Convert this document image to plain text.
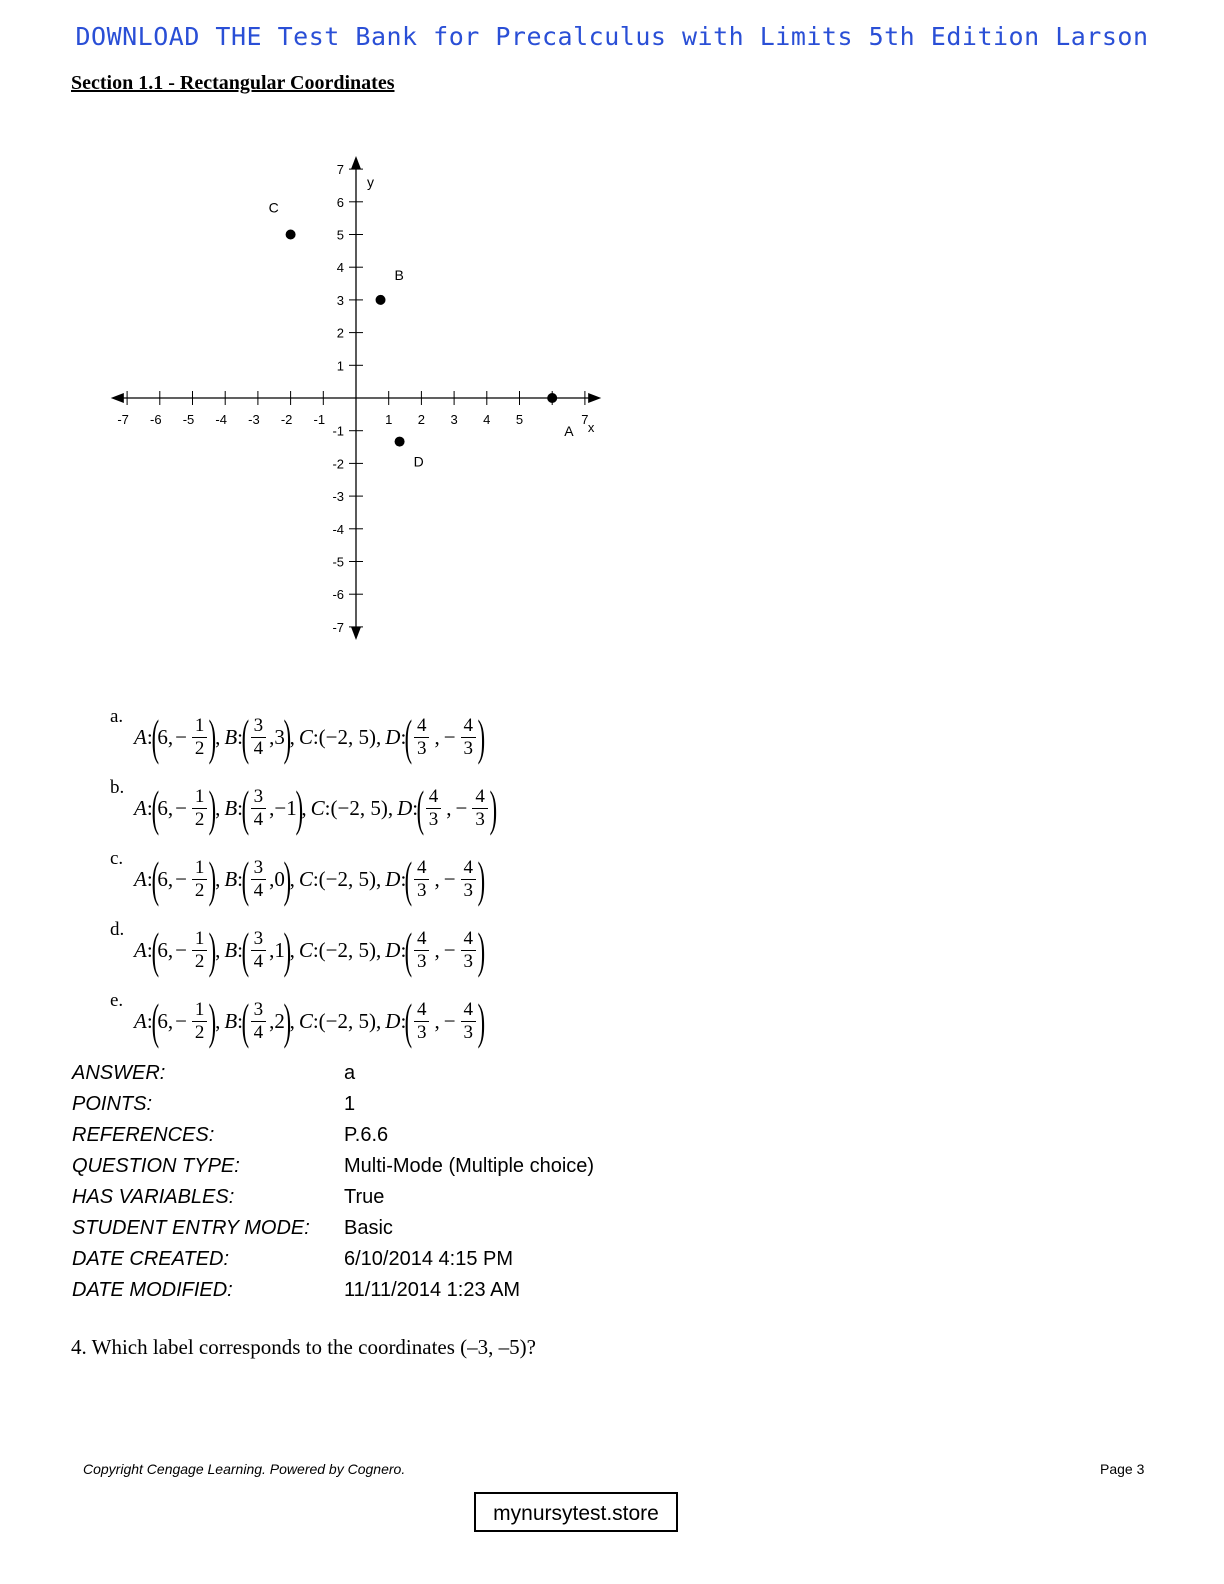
DOWNLOAD THE Test Bank for Precalculus with Limits 5th Edition Larson
Section 1.1 - Rectangular Coordinates
-7 -6 -5 -4 -3 -2 -1	1 2 3 4 5	7
7
6
5
4
3
2
1
-1
-2
-3
-4
-5
-6
-7
x
y
C
B
D
A
a.
A :
(
6, − $\frac{1}{2}$ )
, B :
( $\frac{3}{4} ,3$
)
, C : (−2, 5), D :
( $\frac{4}{3}$ , − $\frac{4}{3}$ )
b.
A :
(
6, − $\frac{1}{2}$ )
, B :
( $\frac{3}{4} ,-1$
)
, C : (−2, 5), D :
( $\frac{4}{3}$ , − $\frac{4}{3}$ )
c.
A :
(
6, − $\frac{1}{2}$ )
, B :
( $\frac{3}{4} ,0$
)
, C : (−2, 5), D :
( $\frac{4}{3}$ , − $\frac{4}{3}$ )
d.
A :
(
6, − $\frac{1}{2}$ )
, B :
( $\frac{3}{4} ,1$
)
, C : (−2, 5), D :
( $\frac{4}{3}$ , − $\frac{4}{3}$ )
e.
A :
(
6, − $\frac{1}{2}$ )
, B :
( $\frac{3}{4} ,2$
)
, C : (−2, 5), D :
( $\frac{4}{3}$ , − $\frac{4}{3}$ )
ANSWER:	a
POINTS:	1
REFERENCES:	P.6.6
QUESTION TYPE:	Multi-Mode (Multiple choice)
HAS VARIABLES:	True
STUDENT ENTRY MODE: Basic
DATE CREATED:	6/10/2014 4:15 PM
DATE MODIFIED:	11/11/2014 1:23 AM
4. Which label corresponds to the coordinates (–3, –5)?
Copyright Cengage Learning. Powered by Cognero.	Page 3
mynursytest.store
